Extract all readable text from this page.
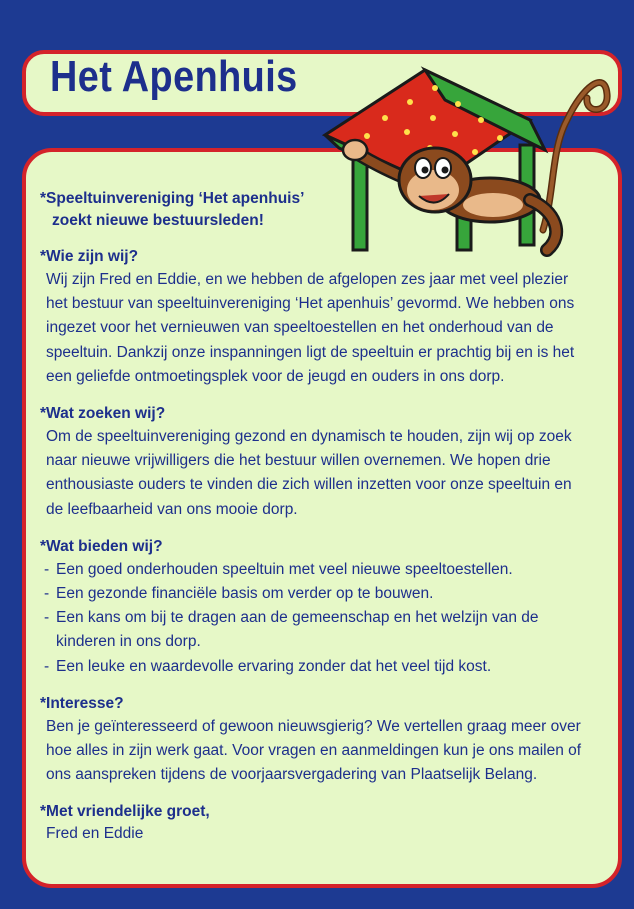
Het Apenhuis

*Speeltuinvereniging ‘Het apenhuis’
zoekt nieuwe bestuursleden!

*Wie zijn wij?
Wij zijn Fred en Eddie, en we hebben de afgelopen zes jaar met veel plezier
het bestuur van speeltuinvereniging ‘Het apenhuis’ gevormd. We hebben ons
ingezet voor het vernieuwen van speeltoestellen en het onderhoud van de
speeltuin. Dankzij onze inspanningen ligt de speeltuin er prachtig bij en is het
een geliefde ontmoetingsplek voor de jeugd en ouders in ons dorp.
*Wat zoeken wij?
Om de speeltuinvereniging gezond en dynamisch te houden, zijn wij op zoek
naar nieuwe vrijwilligers die het bestuur willen overnemen. We hopen drie
enthousiaste ouders te vinden die zich willen inzetten voor onze speeltuin en
de leefbaarheid van ons mooie dorp.
*Wat bieden wij?
- Een goed onderhouden speeltuin met veel nieuwe speeltoestellen.
- Een gezonde financiële basis om verder op te bouwen.
- Een kans om bij te dragen aan de gemeenschap en het welzijn van de kinderen in ons dorp.
- Een leuke en waardevolle ervaring zonder dat het veel tijd kost.
*Interesse?
Ben je geïnteresseerd of gewoon nieuwsgierig? We vertellen graag meer over
hoe alles in zijn werk gaat. Voor vragen en aanmeldingen kun je ons mailen of
ons aanspreken tijdens de voorjaarsvergadering van Plaatselijk Belang.
*Met vriendelijke groet,
Fred en Eddie
